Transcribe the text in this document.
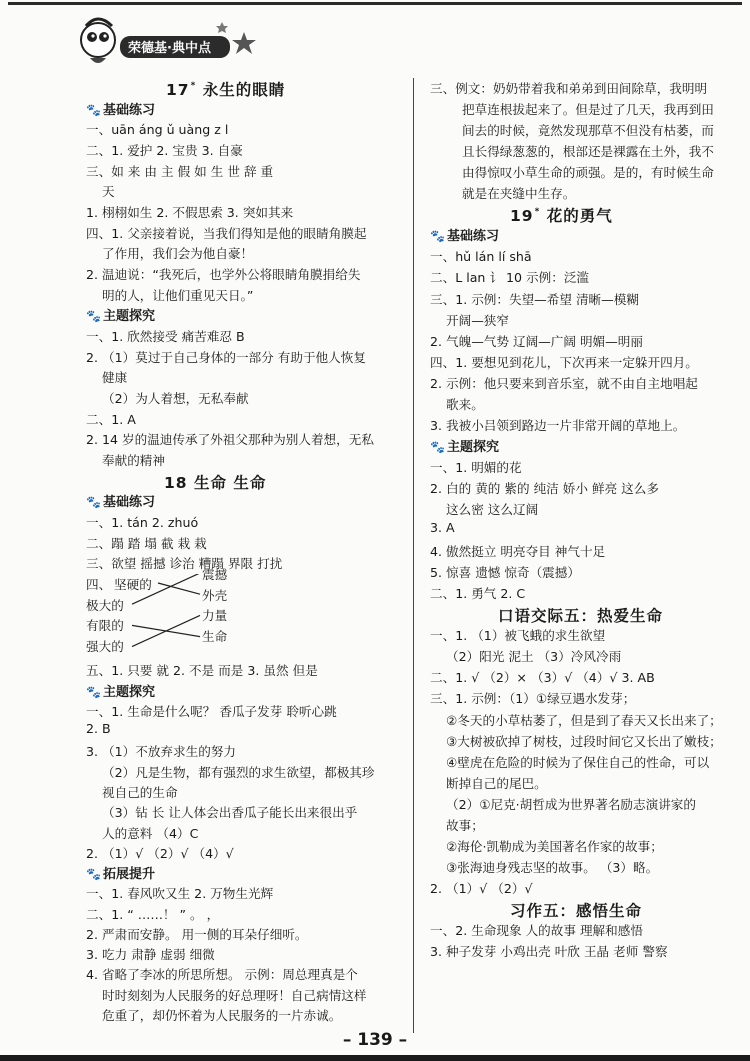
荣德基·典中点
17* 永生的眼睛
🐾 基础练习
一、uān áng ǔ uàng z l
二、1. 爱护 2. 宝贵 3. 自豪
三、如 来 由 主 假 如 生 世 辞 重
天
1. 栩栩如生 2. 不假思索 3. 突如其来
四、1. 父亲接着说，当我们得知是他的眼睛角膜起
了作用，我们会为他自豪！
2. 温迪说：“我死后，也学外公将眼睛角膜捐给失
明的人，让他们重见天日。”
🐾 主题探究
一、1. 欣然接受 痛苦难忍 B
2. （1）莫过于自己身体的一部分 有助于他人恢复
健康
（2）为人着想，无私奉献
二、1. A
2. 14 岁的温迪传承了外祖父那种为别人着想，无私
奉献的精神
18 生命 生命
🐾 基础练习
一、1. tán 2. zhuó
二、蹋 踏 塌 截 栽 栽
三、欲望 摇撼 诊治 糟蹋 界限 打扰
四、 坚硬的
震撼
极大的
外壳
有限的
力量
强大的
生命
五、1. 只要 就 2. 不是 而是 3. 虽然 但是
🐾 主题探究
一、1. 生命是什么呢？ 香瓜子发芽 聆听心跳
2. B
3. （1）不放弃求生的努力
（2）凡是生物，都有强烈的求生欲望，都极其珍
视自己的生命
（3）钻 长 让人体会出香瓜子能长出来很出乎
人的意料 （4）C
2. （1）√ （2）√ （4）√
🐾 拓展提升
一、1. 春风吹又生 2. 万物生光辉
二、1. “ ……！ ” 。 ，
2. 严肃而安静。 用一侧的耳朵仔细听。
3. 吃力 肃静 虚弱 细微
4. 省略了李冰的所思所想。 示例：周总理真是个
时时刻刻为人民服务的好总理呀！自己病情这样
危重了，却仍怀着为人民服务的一片赤诚。
三、例文：奶奶带着我和弟弟到田间除草，我明明
把草连根拔起来了。但是过了几天，我再到田
间去的时候，竟然发现那草不但没有枯萎，而
且长得绿葱葱的，根部还是裸露在土外，我不
由得惊叹小草生命的顽强。是的，有时候生命
就是在夹缝中生存。
19* 花的勇气
🐾 基础练习
一、hǔ lán lí shā
二、L lan 讠 10 示例：泛滥
三、1. 示例：失望—希望 清晰—模糊
开阔—狭窄
2. 气魄—气势 辽阔—广阔 明媚—明丽
四、1. 要想见到花儿，下次再来一定躲开四月。
2. 示例：他只要来到音乐室，就不由自主地唱起
歌来。
3. 我被小吕领到路边一片非常开阔的草地上。
🐾 主题探究
一、1. 明媚的花
2. 白的 黄的 紫的 纯洁 娇小 鲜亮 这么多
这么密 这么辽阔
3. A
4. 傲然挺立 明亮夺目 神气十足
5. 惊喜 遗憾 惊奇（震撼）
二、1. 勇气 2. C
口语交际五：热爱生命
一、1. （1）被飞蛾的求生欲望
（2）阳光 泥土 （3）冷风冷雨
二、1. √ （2）× （3）√ （4）√ 3. AB
三、1. 示例：（1）①绿豆遇水发芽；
②冬天的小草枯萎了，但是到了春天又长出来了；
③大树被砍掉了树枝，过段时间它又长出了嫩枝；
④壁虎在危险的时候为了保住自己的性命，可以
断掉自己的尾巴。
（2）①尼克·胡哲成为世界著名励志演讲家的
故事；
②海伦·凯勒成为美国著名作家的故事；
③张海迪身残志坚的故事。 （3）略。
2. （1）√ （2）√
习作五：感悟生命
一、2. 生命现象 人的故事 理解和感悟
3. 种子发芽 小鸡出壳 叶欣 王晶 老师 警察
– 139 –
